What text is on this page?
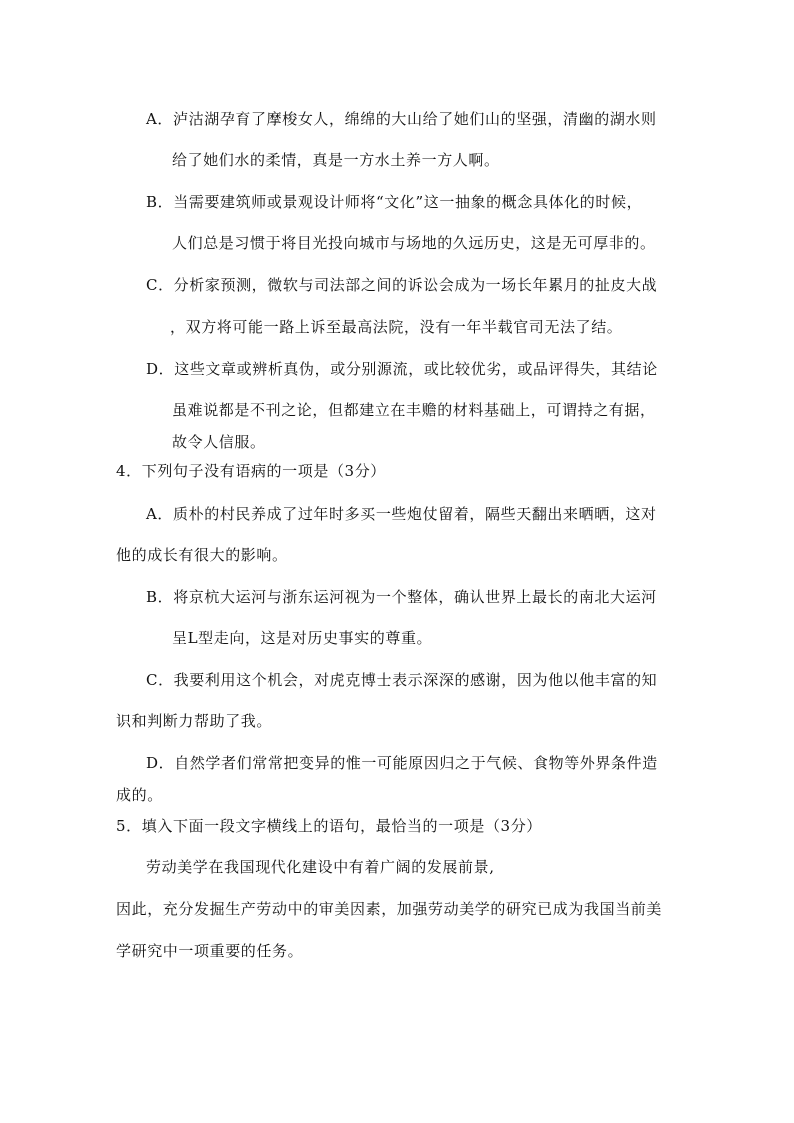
A．泸沽湖孕育了摩梭女人，绵绵的大山给了她们山的坚强，清幽的湖水则
给了她们水的柔情，真是一方水土养一方人啊。
B．当需要建筑师或景观设计师将“文化”这一抽象的概念具体化的时候，
人们总是习惯于将目光投向城市与场地的久远历史，这是无可厚非的。
C．分析家预测，微软与司法部之间的诉讼会成为一场长年累月的扯皮大战
，双方将可能一路上诉至最高法院，没有一年半载官司无法了结。
D．这些文章或辨析真伪，或分别源流，或比较优劣，或品评得失，其结论
虽难说都是不刊之论，但都建立在丰赡的材料基础上，可谓持之有据，
故令人信服。
4．下列句子没有语病的一项是（3分）
A．质朴的村民养成了过年时多买一些炮仗留着，隔些天翻出来晒晒，这对
他的成长有很大的影响。
B．将京杭大运河与浙东运河视为一个整体，确认世界上最长的南北大运河
呈L型走向，这是对历史事实的尊重。
C．我要利用这个机会，对虎克博士表示深深的感谢，因为他以他丰富的知
识和判断力帮助了我。
D．自然学者们常常把变异的惟一可能原因归之于气候、食物等外界条件造
成的。
5．填入下面一段文字横线上的语句，最恰当的一项是（3分）
劳动美学在我国现代化建设中有着广阔的发展前景,
因此，充分发掘生产劳动中的审美因素，加强劳动美学的研究已成为我国当前美
学研究中一项重要的任务。
